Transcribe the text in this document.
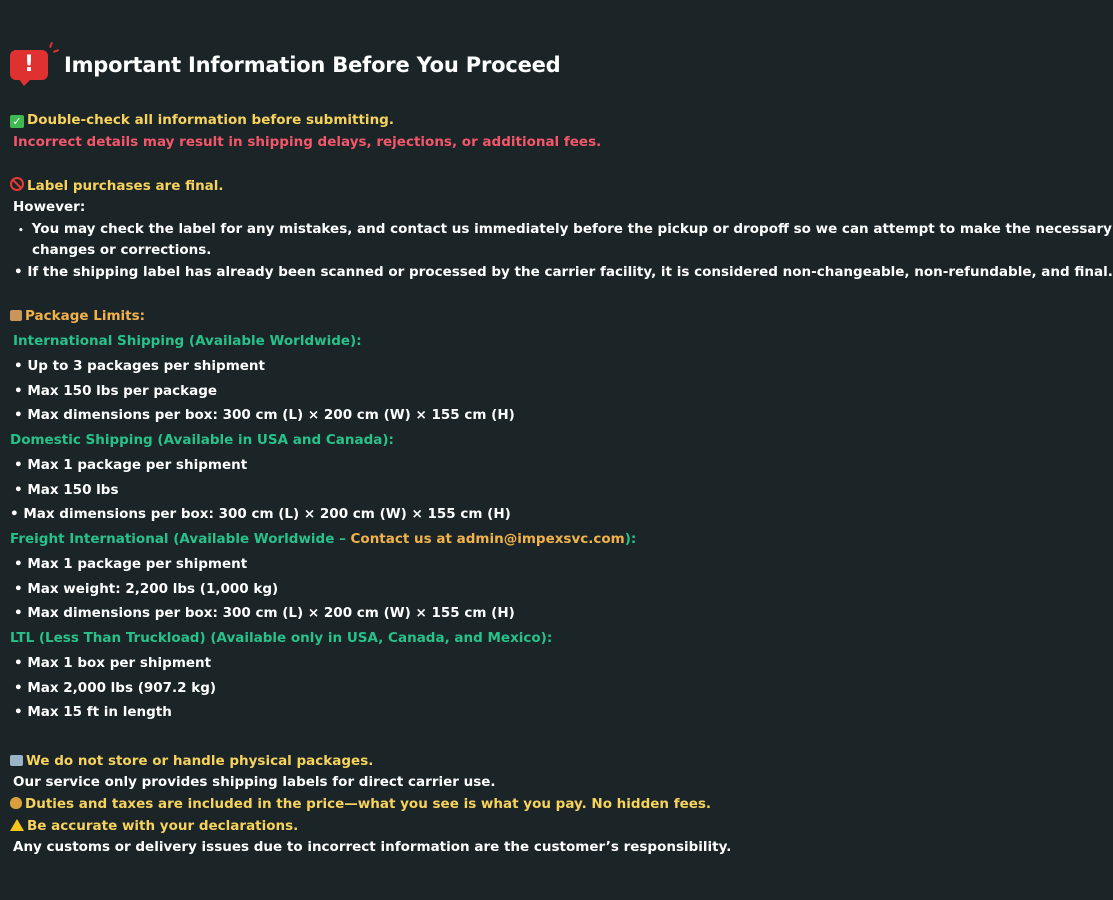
!	Important Information Before You Proceed
✓ Double-check all information before submitting.
Incorrect details may result in shipping delays, rejections, or additional fees.
Label purchases are final.
However:
• You may check the label for any mistakes, and contact us immediately before the pickup or dropoff so we can attempt to make the necessary
changes or corrections.
• If the shipping label has already been scanned or processed by the carrier facility, it is considered non-changeable, non-refundable, and final.
Package Limits:
International Shipping (Available Worldwide):
• Up to 3 packages per shipment
• Max 150 lbs per package
• Max dimensions per box: 300 cm (L) × 200 cm (W) × 155 cm (H)
Domestic Shipping (Available in USA and Canada):
• Max 1 package per shipment
• Max 150 lbs
• Max dimensions per box: 300 cm (L) × 200 cm (W) × 155 cm (H)
Freight International (Available Worldwide – Contact us at admin@impexsvc.com):
• Max 1 package per shipment
• Max weight: 2,200 lbs (1,000 kg)
• Max dimensions per box: 300 cm (L) × 200 cm (W) × 155 cm (H)
LTL (Less Than Truckload) (Available only in USA, Canada, and Mexico):
• Max 1 box per shipment
• Max 2,000 lbs (907.2 kg)
• Max 15 ft in length
We do not store or handle physical packages.
Our service only provides shipping labels for direct carrier use.
Duties and taxes are included in the price—what you see is what you pay. No hidden fees.
Be accurate with your declarations.
Any customs or delivery issues due to incorrect information are the customer’s responsibility.
